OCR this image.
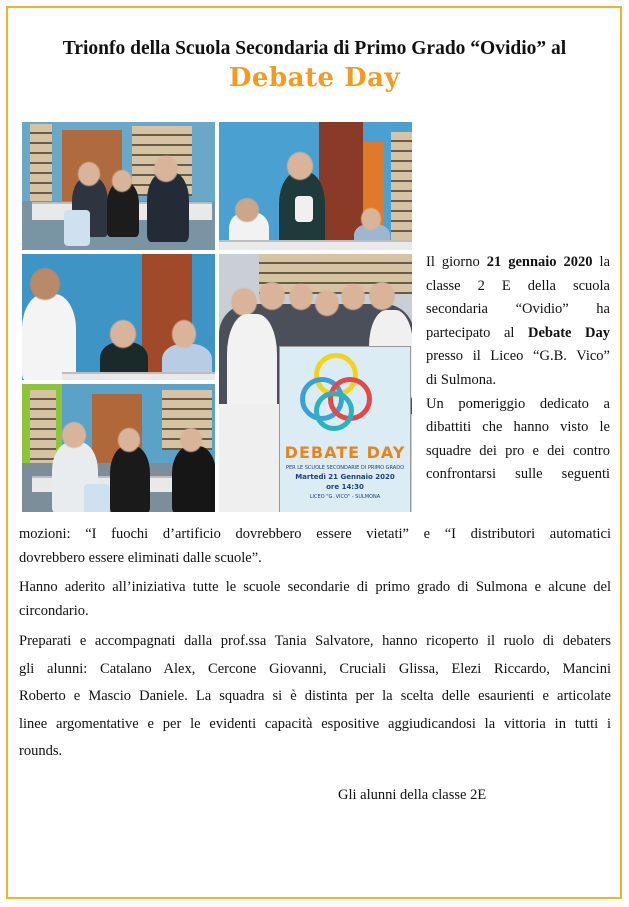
Trionfo della Scuola Secondaria di Primo Grado “Ovidio” al
Debate Day
DEBATE DAY
PER LE SCUOLE SECONDARIE DI PRIMO GRADO
Martedì 21 Gennaio 2020
ore 14:30
LICEO "G. VICO" - SULMONA
Il giorno 21 gennaio 2020 la
classe 2 E della scuola
secondaria “Ovidio” ha
partecipato al Debate Day
presso il Liceo “G.B. Vico”
di Sulmona.
Un pomeriggio dedicato a
dibattiti che hanno visto le
squadre dei pro e dei contro
confrontarsi sulle seguenti
mozioni: “I fuochi d’artificio dovrebbero essere vietati” e “I distributori automatici
dovrebbero essere eliminati dalle scuole”.
Hanno aderito all’iniziativa tutte le scuole secondarie di primo grado di Sulmona e alcune del
circondario.
Preparati e accompagnati dalla prof.ssa Tania Salvatore, hanno ricoperto il ruolo di debaters
gli alunni: Catalano Alex, Cercone Giovanni, Cruciali Glissa, Elezi Riccardo, Mancini
Roberto e Mascio Daniele. La squadra si è distinta per la scelta delle esaurienti e articolate
linee argomentative e per le evidenti capacità espositive aggiudicandosi la vittoria in tutti i
rounds.
Gli alunni della classe 2E
